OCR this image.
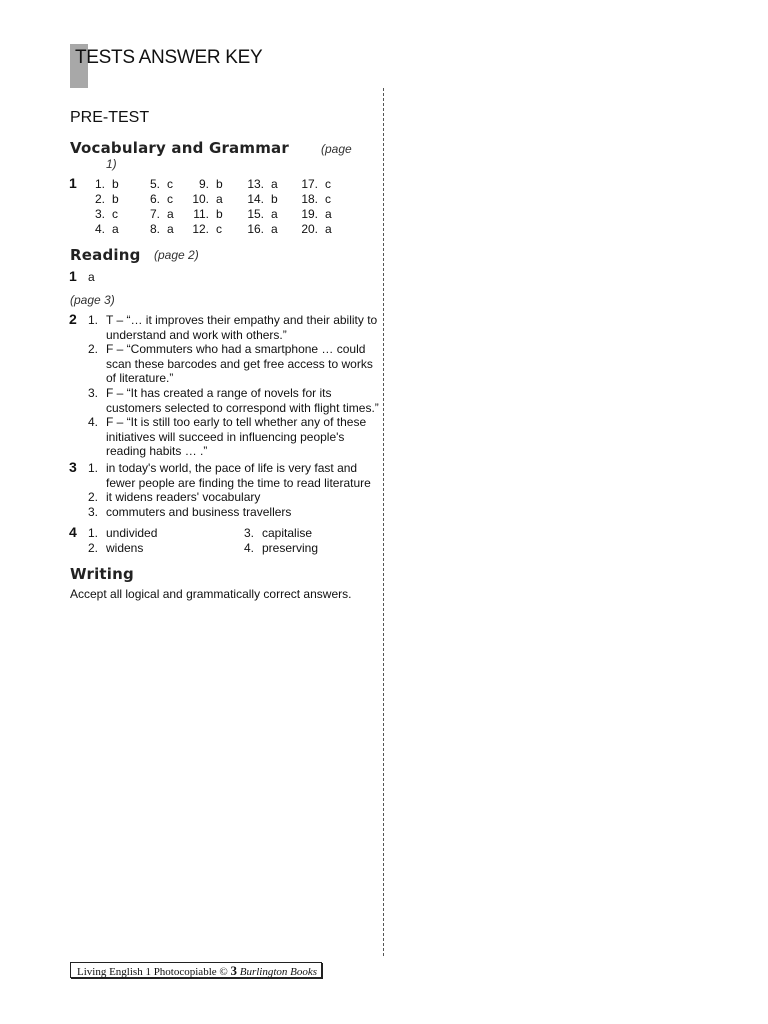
TESTS ANSWER KEY
PRE-TEST
Vocabulary and Grammar	(page
1)
1	1. b	5. c	9. b	13. a	17. c
2. b	6. c	10. a	14. b	18. c
3. c	7. a	11. b	15. a	19. a
4. a	8. a	12. c	16. a	20. a
Reading (page 2)
1 a
(page 3)
2 1. T – “… it improves their empathy and their ability to
understand and work with others.”
2. F – “Commuters who had a smartphone … could
scan these barcodes and get free access to works
of literature.”
3. F – “It has created a range of novels for its
customers selected to correspond with flight times.”
4. F – “It is still too early to tell whether any of these
initiatives will succeed in influencing people's
reading habits … .”
3 1. in today's world, the pace of life is very fast and
fewer people are finding the time to read literature
2. it widens readers' vocabulary
3. commuters and business travellers
4 1. undivided
2. widens
3. capitalise
4. preserving
Writing
Accept all logical and grammatically correct answers.
Living English 1 Photocopiable © 3 Burlington Books
